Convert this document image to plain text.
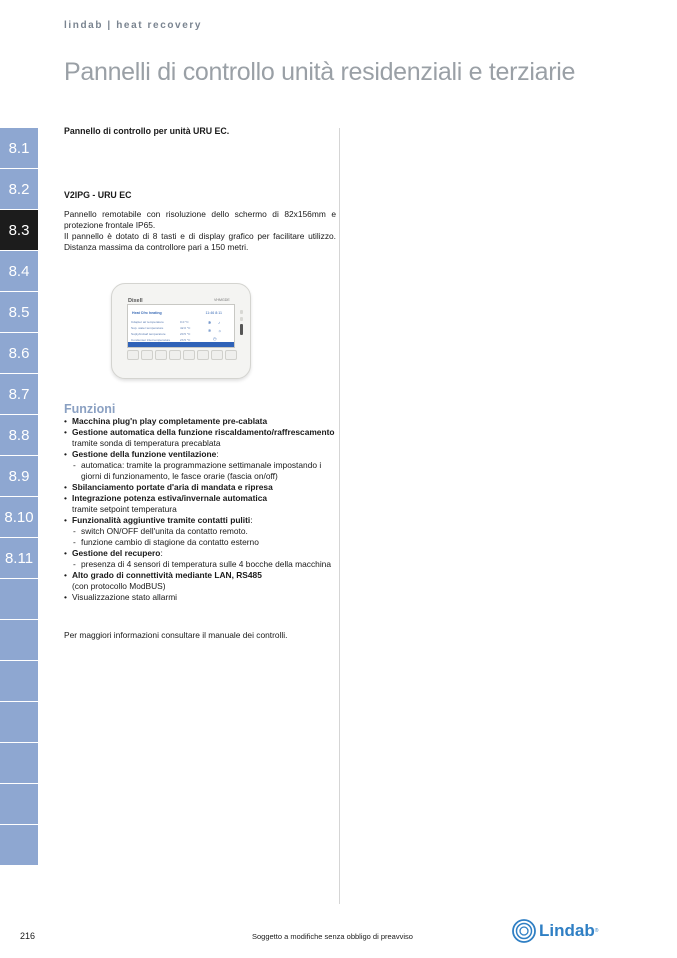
lindab | heat recovery
Pannelli di controllo unità residenziali e terziarie
8.1
8.2
8.3
8.4
8.5
8.6
8.7
8.8
8.9
8.10
8.11

Pannello di controllo per unità URU EC.

V2IPG - URU EC

Pannello remotabile con risoluzione dello schermo di 82x156mm e protezione frontale IP65.

Il pannello è dotato di 8 tasti e di display grafico per facilitare utilizzo. Distanza massima da controllore pari a 150 metri.

Dixell	VHMGDE
Heat Cfrc heating	11:46 8:11
Cdapter air temperature	0.0 °C
Sup. water temperature	42.0 °C
Suply/indoaf temperature	20.5 °C
Condenser inlet temperature	23.5 °C
✻ ♪
❄ ☼
◷
Funzioni
• Macchina plug'n play completamente pre-cablata
• Gestione automatica della funzione riscaldamento/raffrescamento tramite sonda di temperatura precablata
• Gestione della funzione ventilazione:
- automatica: tramite la programmazione settimanale impostando i giorni di funzionamento, le fasce orarie (fascia on/off)
• Sbilanciamento portate d'aria di mandata e ripresa
• Integrazione potenza estiva/invernale automatica
tramite setpoint temperatura
• Funzionalità aggiuntive tramite contatti puliti:
- switch ON/OFF dell'unita da contatto remoto.
- funzione cambio di stagione da contatto esterno
• Gestione del recupero:
- presenza di 4 sensori di temperatura sulle 4 bocche della macchina
• Alto grado di connettività mediante LAN, RS485
(con protocollo ModBUS)
• Visualizzazione stato allarmi

Per maggiori informazioni consultare il manuale dei controlli.

216	Soggetto a modifiche senza obbligo di preavviso	Lindab ®
